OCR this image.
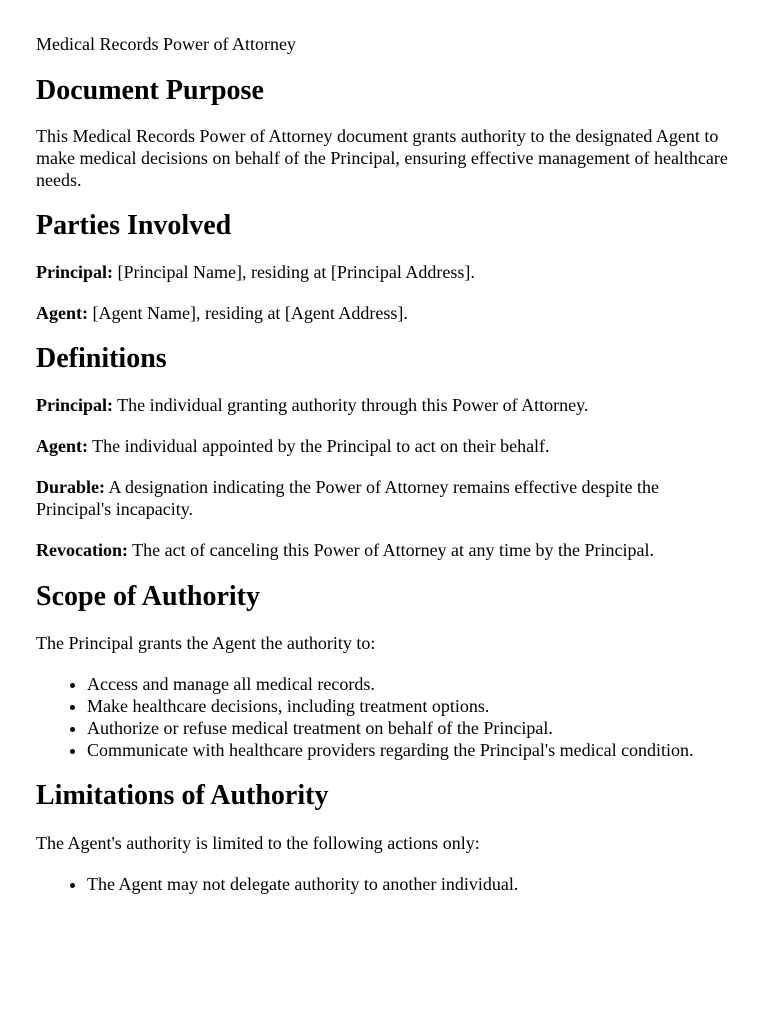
Medical Records Power of Attorney

Document Purpose

This Medical Records Power of Attorney document grants authority to the designated Agent to make medical decisions on behalf of the Principal, ensuring effective management of healthcare needs.

Parties Involved

Principal: [Principal Name], residing at [Principal Address].

Agent: [Agent Name], residing at [Agent Address].

Definitions

Principal: The individual granting authority through this Power of Attorney.

Agent: The individual appointed by the Principal to act on their behalf.

Durable: A designation indicating the Power of Attorney remains effective despite the Principal's incapacity.

Revocation: The act of canceling this Power of Attorney at any time by the Principal.

Scope of Authority

The Principal grants the Agent the authority to:

• Access and manage all medical records.
• Make healthcare decisions, including treatment options.
• Authorize or refuse medical treatment on behalf of the Principal.
• Communicate with healthcare providers regarding the Principal's medical condition.
Limitations of Authority

The Agent's authority is limited to the following actions only:

• The Agent may not delegate authority to another individual.
